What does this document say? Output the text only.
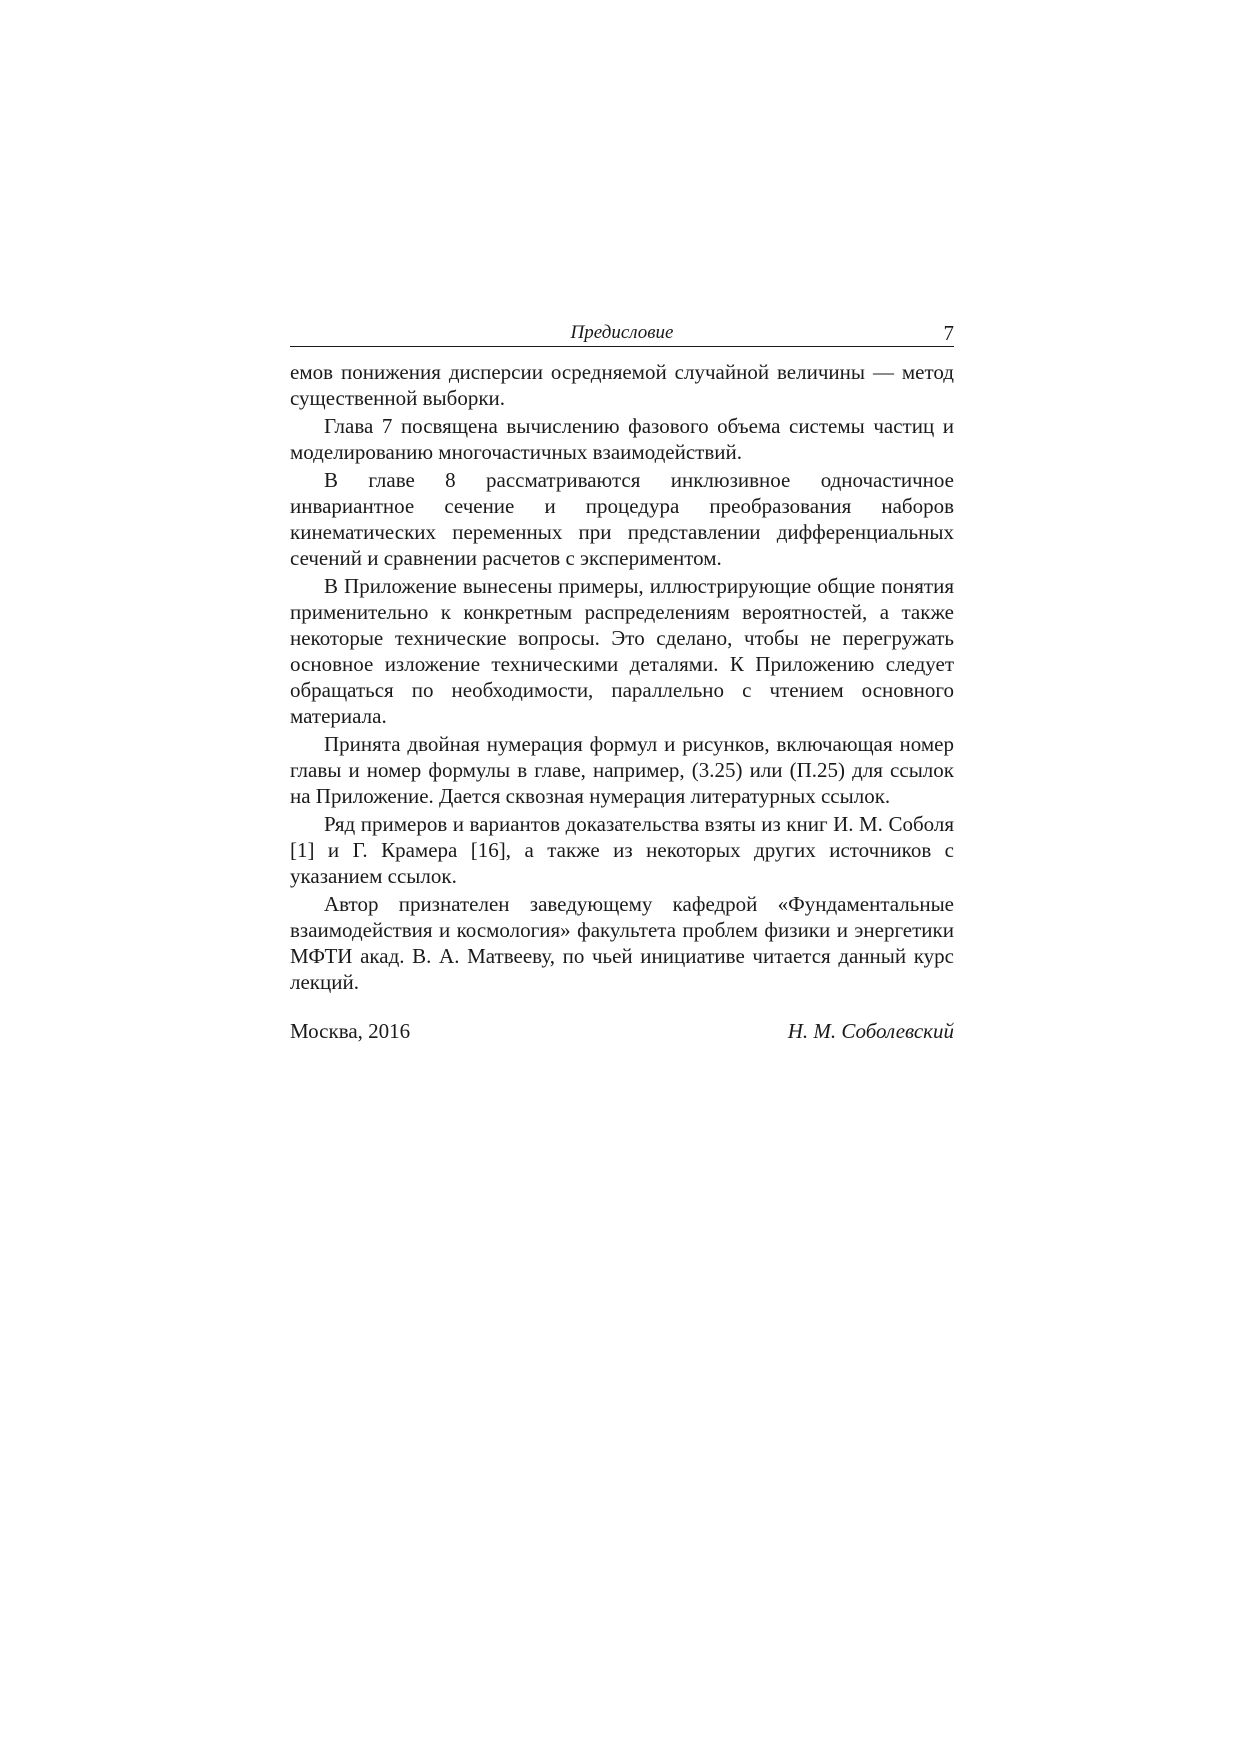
Предисловие	7

емов понижения дисперсии осредняемой случайной величины — метод существенной выборки.

Глава 7 посвящена вычислению фазового объема системы частиц и моделированию многочастичных взаимодействий.

В главе 8 рассматриваются инклюзивное одночастичное инвариантное сечение и процедура преобразования наборов кинематических переменных при представлении дифференциальных сечений и сравнении расчетов с экспериментом.

В Приложение вынесены примеры, иллюстрирующие общие понятия применительно к конкретным распределениям вероятностей, а также некоторые технические вопросы. Это сделано, чтобы не перегружать основное изложение техническими деталями. К Приложению следует обращаться по необходимости, параллельно с чтением основного материала.

Принята двойная нумерация формул и рисунков, включающая номер главы и номер формулы в главе, например, (3.25) или (П.25) для ссылок на Приложение. Дается сквозная нумерация литературных ссылок.

Ряд примеров и вариантов доказательства взяты из книг И. М. Соболя [1] и Г. Крамера [16], а также из некоторых других источников с указанием ссылок.

Автор признателен заведующему кафедрой «Фундаментальные взаимодействия и космология» факультета проблем физики и энергетики МФТИ акад. В. А. Матвееву, по чьей инициативе читается данный курс лекций.

Москва, 2016	Н. М. Соболевский
